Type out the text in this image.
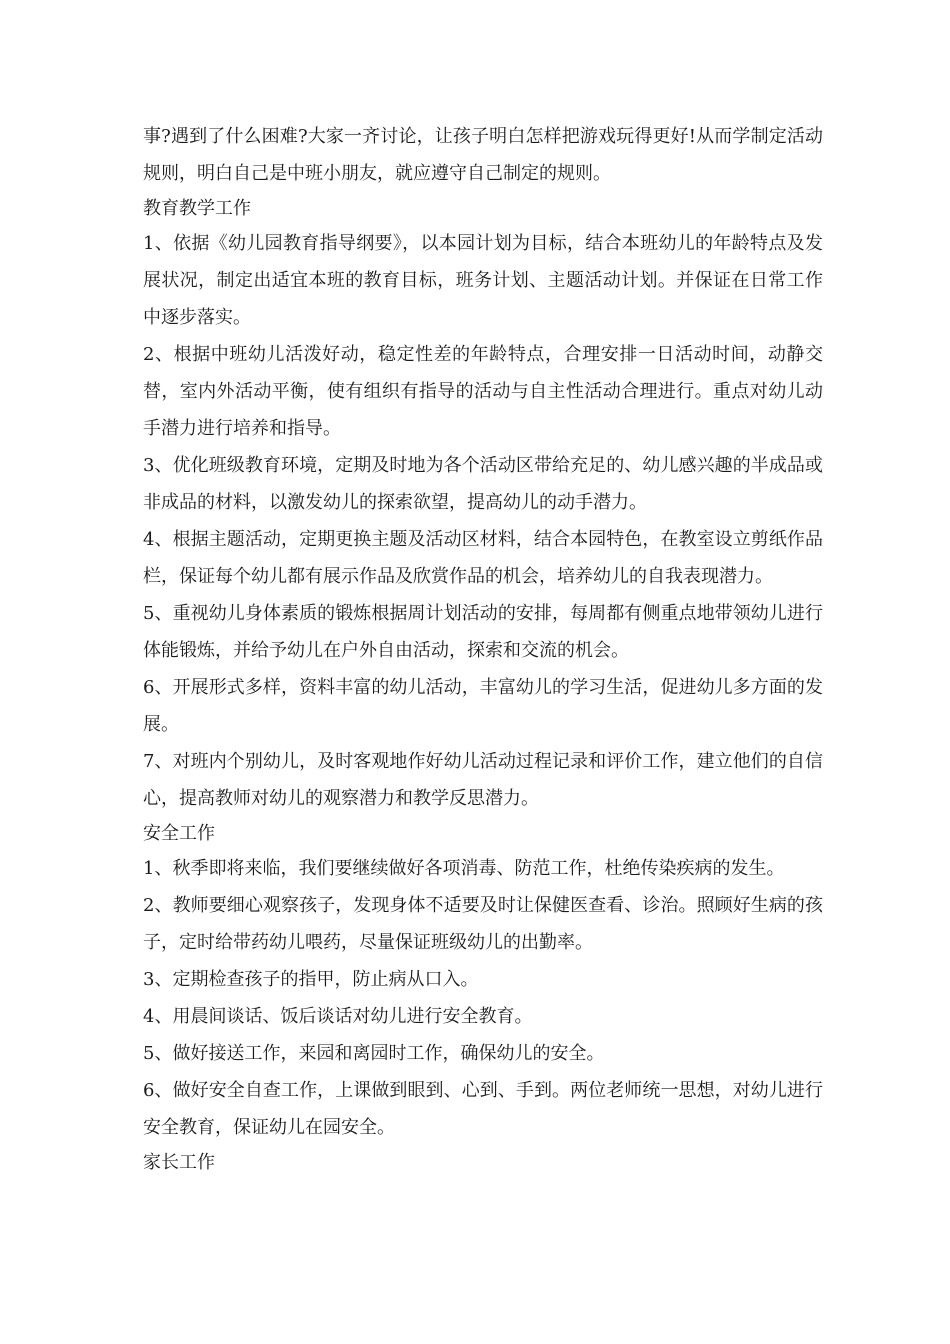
事?遇到了什么困难?大家一齐讨论，让孩子明白怎样把游戏玩得更好!从而学制定活动规则，明白自己是中班小朋友，就应遵守自己制定的规则。

教育教学工作

1、依据《幼儿园教育指导纲要》，以本园计划为目标，结合本班幼儿的年龄特点及发展状况，制定出适宜本班的教育目标，班务计划、主题活动计划。并保证在日常工作中逐步落实。

2、根据中班幼儿活泼好动，稳定性差的年龄特点，合理安排一日活动时间，动静交替，室内外活动平衡，使有组织有指导的活动与自主性活动合理进行。重点对幼儿动手潜力进行培养和指导。

3、优化班级教育环境，定期及时地为各个活动区带给充足的、幼儿感兴趣的半成品或非成品的材料，以激发幼儿的探索欲望，提高幼儿的动手潜力。

4、根据主题活动，定期更换主题及活动区材料，结合本园特色，在教室设立剪纸作品栏，保证每个幼儿都有展示作品及欣赏作品的机会，培养幼儿的自我表现潜力。

5、重视幼儿身体素质的锻炼根据周计划活动的安排，每周都有侧重点地带领幼儿进行体能锻炼，并给予幼儿在户外自由活动，探索和交流的机会。

6、开展形式多样，资料丰富的幼儿活动，丰富幼儿的学习生活，促进幼儿多方面的发展。

7、对班内个别幼儿，及时客观地作好幼儿活动过程记录和评价工作，建立他们的自信心，提高教师对幼儿的观察潜力和教学反思潜力。

安全工作

1、秋季即将来临，我们要继续做好各项消毒、防范工作，杜绝传染疾病的发生。

2、教师要细心观察孩子，发现身体不适要及时让保健医查看、诊治。照顾好生病的孩子，定时给带药幼儿喂药，尽量保证班级幼儿的出勤率。

3、定期检查孩子的指甲，防止病从口入。

4、用晨间谈话、饭后谈话对幼儿进行安全教育。

5、做好接送工作，来园和离园时工作，确保幼儿的安全。

6、做好安全自查工作，上课做到眼到、心到、手到。两位老师统一思想，对幼儿进行安全教育，保证幼儿在园安全。

家长工作
